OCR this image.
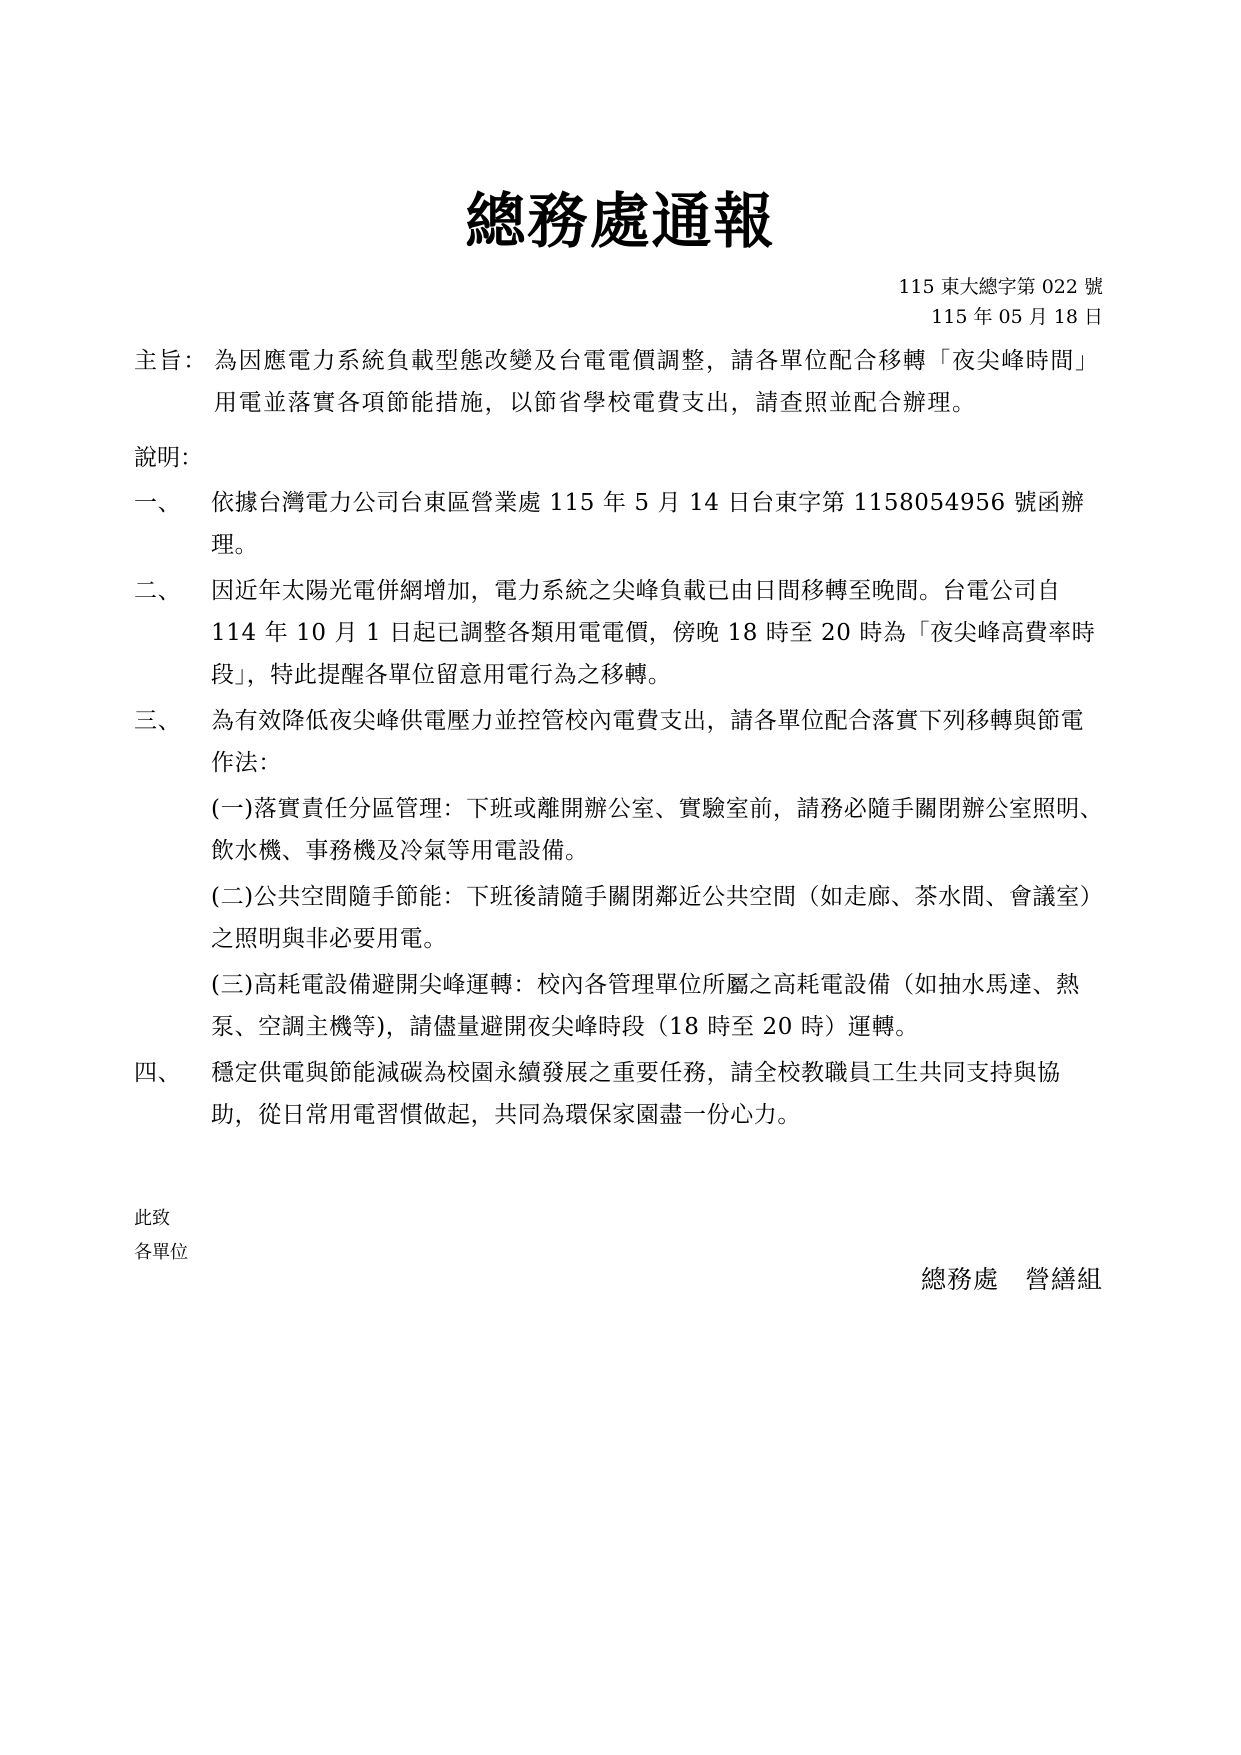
總務處通報
115 東大總字第 022 號
115 年 05 月 18 日
主旨： 為因應電力系統負載型態改變及台電電價調整，請各單位配合移轉「夜尖峰時間」用電並落實各項節能措施，以節省學校電費支出，請查照並配合辦理。
說明：
一、 依據台灣電力公司台東區營業處 115 年 5 月 14 日台東字第 1158054956 號函辦理。
二、 因近年太陽光電併網增加，電力系統之尖峰負載已由日間移轉至晚間。台電公司自 114 年 10 月 1 日起已調整各類用電電價，傍晚 18 時至 20 時為「夜尖峰高費率時段」，特此提醒各單位留意用電行為之移轉。
三、 為有效降低夜尖峰供電壓力並控管校內電費支出，請各單位配合落實下列移轉與節電作法：
(一)落實責任分區管理：下班或離開辦公室、實驗室前，請務必隨手關閉辦公室照明、飲水機、事務機及冷氣等用電設備。
(二)公共空間隨手節能：下班後請隨手關閉鄰近公共空間（如走廊、茶水間、會議室）之照明與非必要用電。
(三)高耗電設備避開尖峰運轉：校內各管理單位所屬之高耗電設備（如抽水馬達、熱泵、空調主機等)，請儘量避開夜尖峰時段（18 時至 20 時）運轉。
四、 穩定供電與節能減碳為校園永續發展之重要任務，請全校教職員工生共同支持與協助，從日常用電習慣做起，共同為環保家園盡一份心力。
此致
各單位
總務處　營繕組
